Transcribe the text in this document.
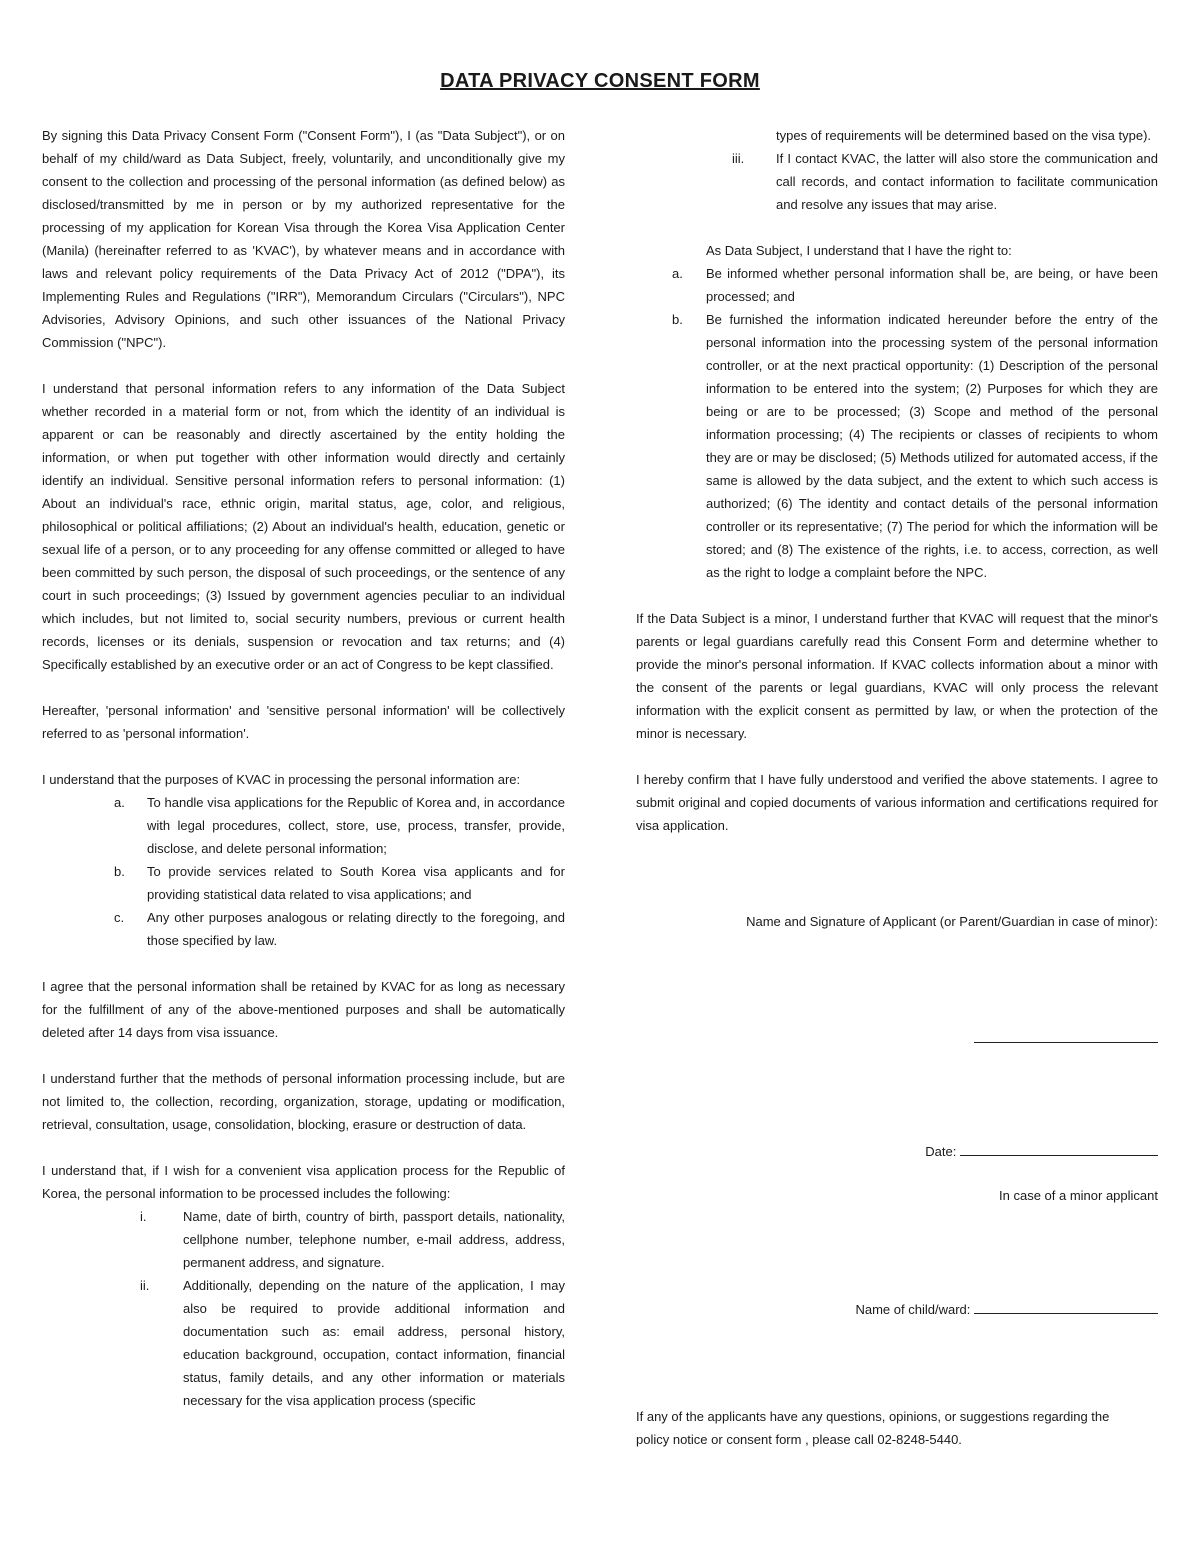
DATA PRIVACY CONSENT FORM

By signing this Data Privacy Consent Form ("Consent Form"), I (as "Data Subject"), or on behalf of my child/ward as Data Subject, freely, voluntarily, and unconditionally give my consent to the collection and processing of the personal information (as defined below) as disclosed/transmitted by me in person or by my authorized representative for the processing of my application for Korean Visa through the Korea Visa Application Center (Manila) (hereinafter referred to as 'KVAC'), by whatever means and in accordance with laws and relevant policy requirements of the Data Privacy Act of 2012 ("DPA"), its Implementing Rules and Regulations ("IRR"), Memorandum Circulars ("Circulars"), NPC Advisories, Advisory Opinions, and such other issuances of the National Privacy Commission ("NPC").

I understand that personal information refers to any information of the Data Subject whether recorded in a material form or not, from which the identity of an individual is apparent or can be reasonably and directly ascertained by the entity holding the information, or when put together with other information would directly and certainly identify an individual. Sensitive personal information refers to personal information: (1) About an individual's race, ethnic origin, marital status, age, color, and religious, philosophical or political affiliations; (2) About an individual's health, education, genetic or sexual life of a person, or to any proceeding for any offense committed or alleged to have been committed by such person, the disposal of such proceedings, or the sentence of any court in such proceedings; (3) Issued by government agencies peculiar to an individual which includes, but not limited to, social security numbers, previous or current health records, licenses or its denials, suspension or revocation and tax returns; and (4) Specifically established by an executive order or an act of Congress to be kept classified.

Hereafter, 'personal information' and 'sensitive personal information' will be collectively referred to as 'personal information'.

I understand that the purposes of KVAC in processing the personal information are:

a. To handle visa applications for the Republic of Korea and, in accordance with legal procedures, collect, store, use, process, transfer, provide, disclose, and delete personal information;
b. To provide services related to South Korea visa applicants and for providing statistical data related to visa applications; and
c. Any other purposes analogous or relating directly to the foregoing, and those specified by law.

I agree that the personal information shall be retained by KVAC for as long as necessary for the fulfillment of any of the above-mentioned purposes and shall be automatically deleted after 14 days from visa issuance.

I understand further that the methods of personal information processing include, but are not limited to, the collection, recording, organization, storage, updating or modification, retrieval, consultation, usage, consolidation, blocking, erasure or destruction of data.

I understand that, if I wish for a convenient visa application process for the Republic of Korea, the personal information to be processed includes the following:

i.	Name, date of birth, country of birth, passport details, nationality, cellphone number, telephone number, e-mail address, address, permanent address, and signature.
ii.	Additionally, depending on the nature of the application, I may also be required to provide additional information and documentation such as: email address, personal history, education background, occupation, contact information, financial status, family details, and any other information or materials necessary for the visa application process (specific

types of requirements will be determined based on the visa type).

iii. If I contact KVAC, the latter will also store the communication and call records, and contact information to facilitate communication and resolve any issues that may arise.

As Data Subject, I understand that I have the right to:

a. Be informed whether personal information shall be, are being, or have been processed; and
b. Be furnished the information indicated hereunder before the entry of the personal information into the processing system of the personal information controller, or at the next practical opportunity: (1) Description of the personal information to be entered into the system; (2) Purposes for which they are being or are to be processed; (3) Scope and method of the personal information processing; (4) The recipients or classes of recipients to whom they are or may be disclosed; (5) Methods utilized for automated access, if the same is allowed by the data subject, and the extent to which such access is authorized; (6) The identity and contact details of the personal information controller or its representative; (7) The period for which the information will be stored; and (8) The existence of the rights, i.e. to access, correction, as well as the right to lodge a complaint before the NPC.

If the Data Subject is a minor, I understand further that KVAC will request that the minor's parents or legal guardians carefully read this Consent Form and determine whether to provide the minor's personal information. If KVAC collects information about a minor with the consent of the parents or legal guardians, KVAC will only process the relevant information with the explicit consent as permitted by law, or when the protection of the minor is necessary.

I hereby confirm that I have fully understood and verified the above statements. I agree to submit original and copied documents of various information and certifications required for visa application.

Name and Signature of Applicant (or Parent/Guardian in case of minor):
Date:
In case of a minor applicant
Name of child/ward:
If any of the applicants have any questions, opinions, or suggestions regarding the policy notice or consent form , please call 02-8248-5440.
